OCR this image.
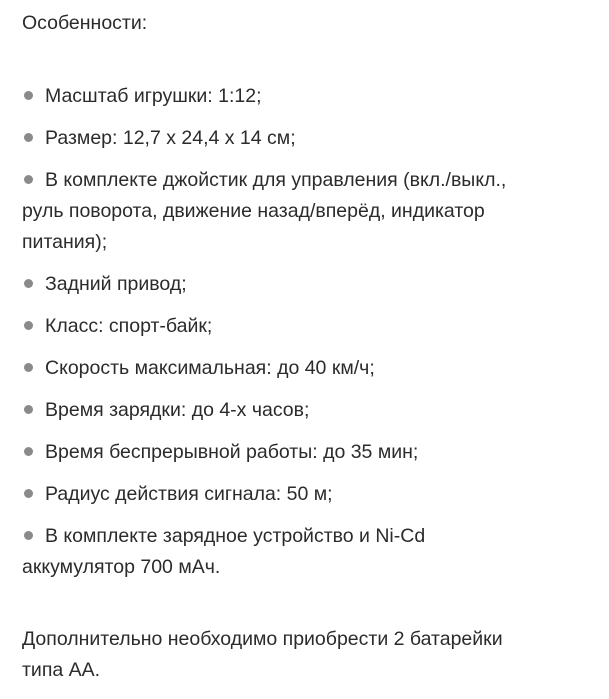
Особенности:
Масштаб игрушки: 1:12;
Размер: 12,7 х 24,4 х 14 см;
В комплекте джойстик для управления (вкл./выкл.,
руль поворота, движение назад/вперёд, индикатор
питания);
Задний привод;
Класс: спорт-байк;
Скорость максимальная: до 40 км/ч;
Время зарядки: до 4-х часов;
Время беспрерывной работы: до 35 мин;
Радиус действия сигнала: 50 м;
В комплекте зарядное устройство и Ni-Cd
аккумулятор 700 мАч.
Дополнительно необходимо приобрести 2 батарейки
типа АА.
